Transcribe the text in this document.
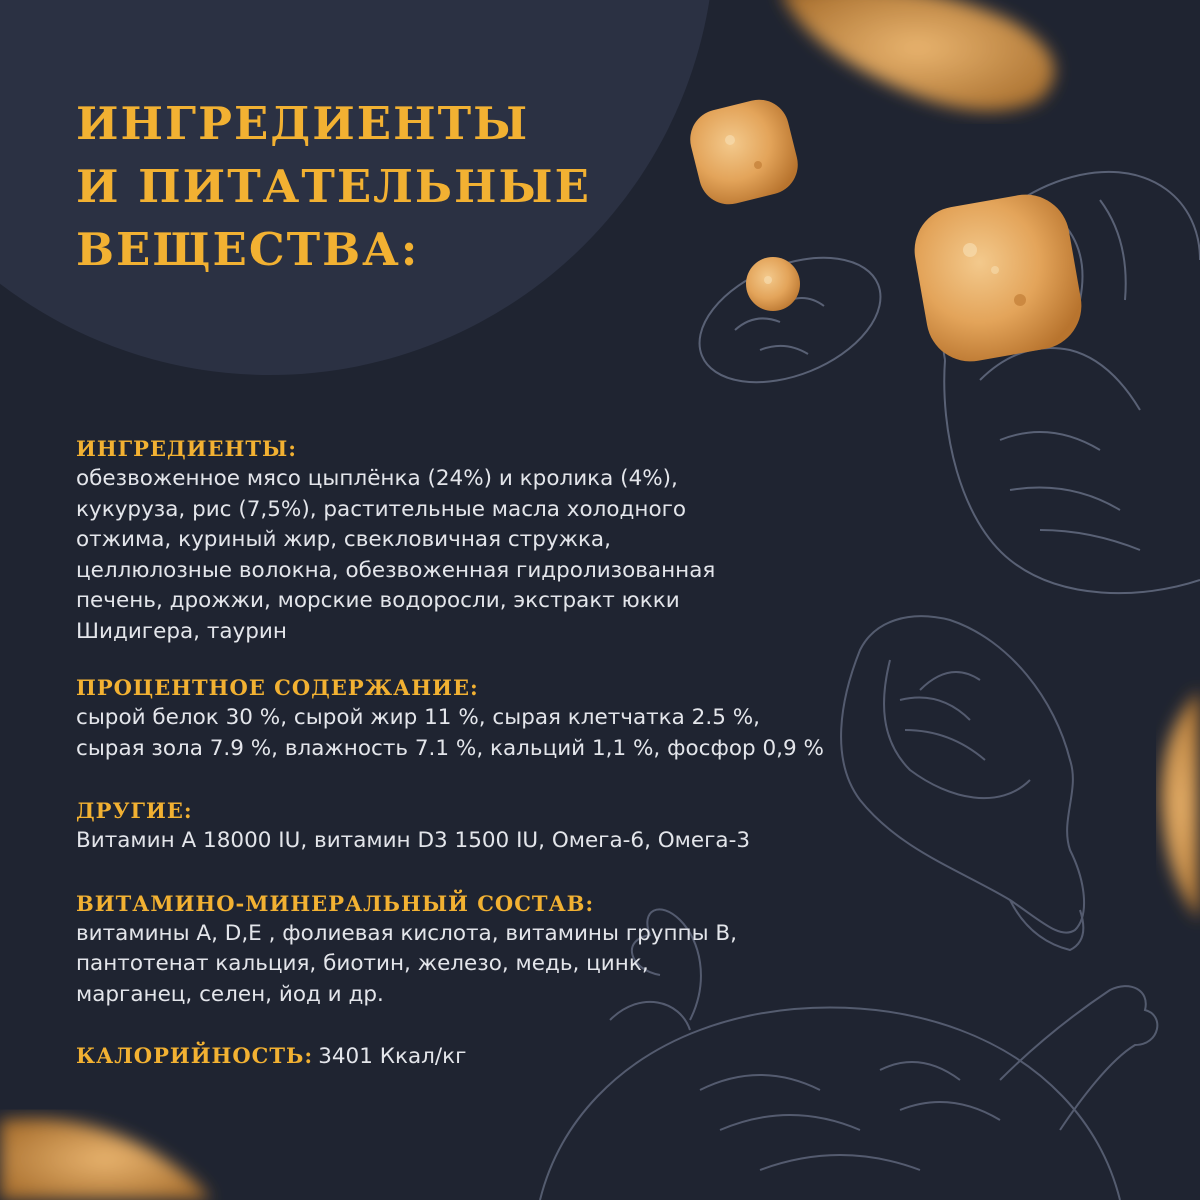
ИНГРЕДИЕНТЫ
И ПИТАТЕЛЬНЫЕ
ВЕЩЕСТВА:
ИНГРЕДИЕНТЫ:
обезвоженное мясо цыплёнка (24%) и кролика (4%),
кукуруза, рис (7,5%), растительные масла холодного
отжима, куриный жир, свекловичная стружка,
целлюлозные волокна, обезвоженная гидролизованная
печень, дрожжи, морские водоросли, экстракт юкки
Шидигера, таурин
ПРОЦЕНТНОЕ СОДЕРЖАНИЕ:
сырой белок 30 %, сырой жир 11 %, сырая клетчатка 2.5 %,
сырая зола 7.9 %, влажность 7.1 %, кальций 1,1 %, фосфор 0,9 %
ДРУГИЕ:
Витамин А 18000 IU, витамин D3 1500 IU, Омега-6, Омега-3
ВИТАМИНО-МИНЕРАЛЬНЫЙ СОСТАВ:
витамины А, D,E , фолиевая кислота, витамины группы В,
пантотенат кальция, биотин, железо, медь, цинк,
марганец, селен, йод и др.
КАЛОРИЙНОСТЬ: 3401 Ккал/кг
